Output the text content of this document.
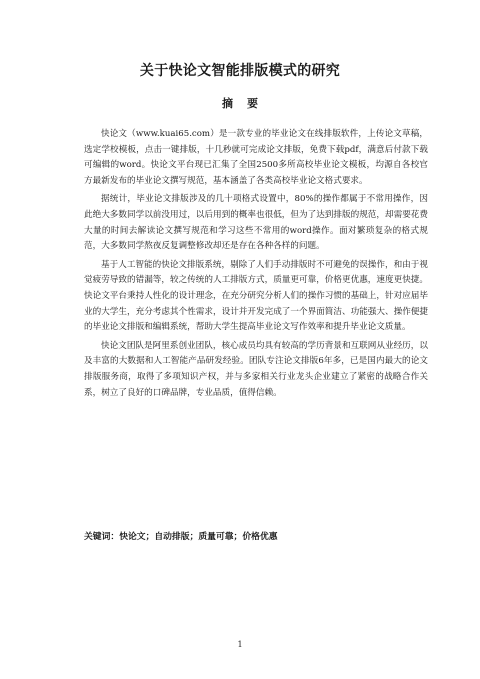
关于快论文智能排版模式的研究
摘要

快论文（www.kuai65.com）是一款专业的毕业论文在线排版软件，上传论文草稿，选定学校模板，点击一键排版，十几秒就可完成论文排版，免费下载pdf，满意后付款下载可编辑的word。快论文平台现已汇集了全国2500多所高校毕业论文模板，均源自各校官方最新发布的毕业论文撰写规范，基本涵盖了各类高校毕业论文格式要求。

据统计，毕业论文排版涉及的几十项格式设置中，80%的操作都属于不常用操作，因此绝大多数同学以前没用过，以后用到的概率也很低，但为了达到排版的规范，却需要花费大量的时间去解读论文撰写规范和学习这些不常用的word操作。面对繁琐复杂的格式规范，大多数同学熬夜反复调整修改却还是存在各种各样的问题。

基于人工智能的快论文排版系统，剔除了人们手动排版时不可避免的误操作，和由于视觉疲劳导致的错漏等，较之传统的人工排版方式，质量更可靠，价格更优惠，速度更快捷。快论文平台秉持人性化的设计理念，在充分研究分析人们的操作习惯的基础上，针对应届毕业的大学生，充分考虑其个性需求，设计并开发完成了一个界面简洁、功能强大、操作便捷的毕业论文排版和编辑系统，帮助大学生提高毕业论文写作效率和提升毕业论文质量。

快论文团队是阿里系创业团队，核心成员均具有较高的学历背景和互联网从业经历，以及丰富的大数据和人工智能产品研发经验。团队专注论文排版6年多，已是国内最大的论文排版服务商，取得了多项知识产权，并与多家相关行业龙头企业建立了紧密的战略合作关系，树立了良好的口碑品牌，专业品质，值得信赖。

关键词：快论文；自动排版；质量可靠；价格优惠
1
